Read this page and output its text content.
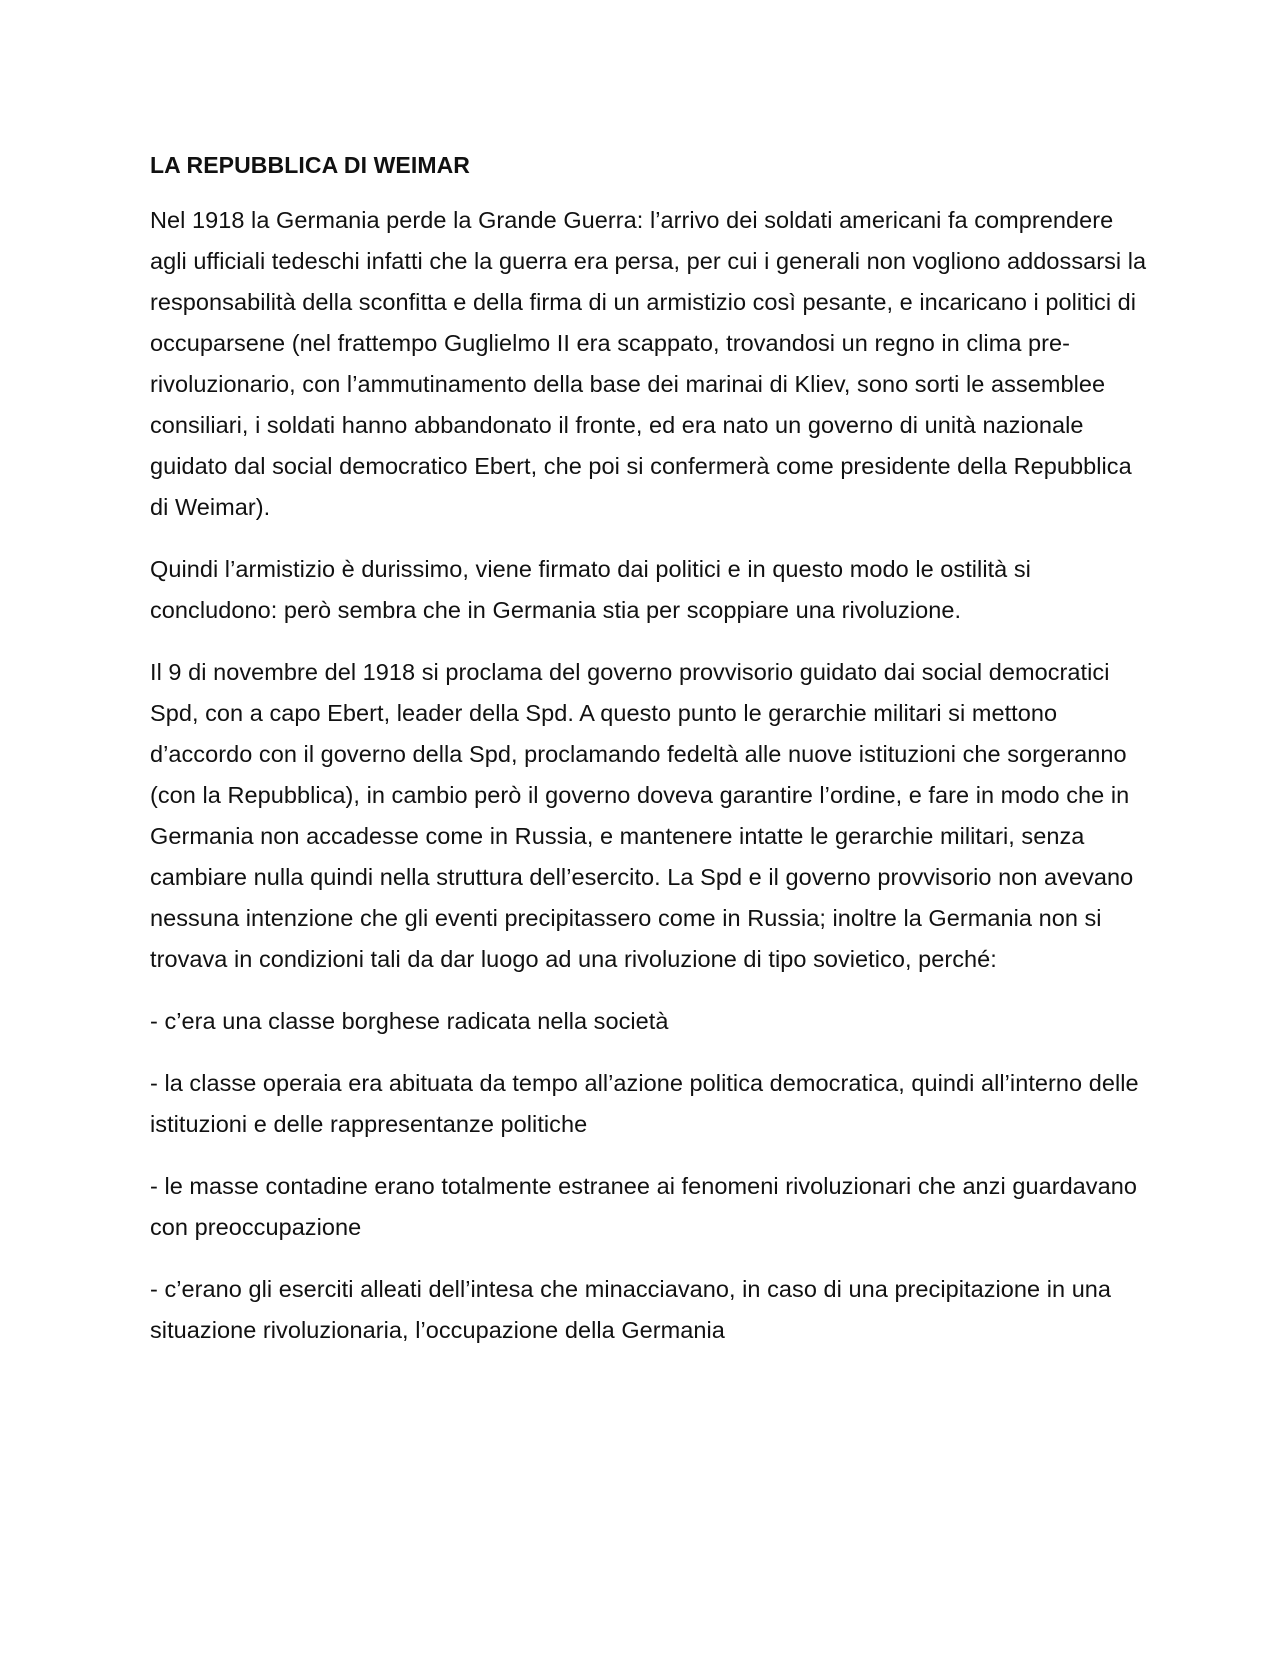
LA REPUBBLICA DI WEIMAR

Nel 1918 la Germania perde la Grande Guerra: l’arrivo dei soldati americani fa comprendere agli ufficiali tedeschi infatti che la guerra era persa, per cui i generali non vogliono addossarsi la responsabilità della sconfitta e della firma di un armistizio così pesante, e incaricano i politici di occuparsene (nel frattempo Guglielmo II era scappato, trovandosi un regno in clima pre-rivoluzionario, con l’ammutinamento della base dei marinai di Kliev, sono sorti le assemblee consiliari, i soldati hanno abbandonato il fronte, ed era nato un governo di unità nazionale guidato dal social democratico Ebert, che poi si confermerà come presidente della Repubblica di Weimar).

Quindi l’armistizio è durissimo, viene firmato dai politici e in questo modo le ostilità si concludono: però sembra che in Germania stia per scoppiare una rivoluzione.

Il 9 di novembre del 1918 si proclama del governo provvisorio guidato dai social democratici Spd, con a capo Ebert, leader della Spd. A questo punto le gerarchie militari si mettono d’accordo con il governo della Spd, proclamando fedeltà alle nuove istituzioni che sorgeranno (con la Repubblica), in cambio però il governo doveva garantire l’ordine, e fare in modo che in Germania non accadesse come in Russia, e mantenere intatte le gerarchie militari, senza cambiare nulla quindi nella struttura dell’esercito. La Spd e il governo provvisorio non avevano nessuna intenzione che gli eventi precipitassero come in Russia; inoltre la Germania non si trovava in condizioni tali da dar luogo ad una rivoluzione di tipo sovietico, perché:

- c’era una classe borghese radicata nella società

- la classe operaia era abituata da tempo all’azione politica democratica, quindi all’interno delle istituzioni e delle rappresentanze politiche

- le masse contadine erano totalmente estranee ai fenomeni rivoluzionari che anzi guardavano con preoccupazione

- c’erano gli eserciti alleati dell’intesa che minacciavano, in caso di una precipitazione in una situazione rivoluzionaria, l’occupazione della Germania
